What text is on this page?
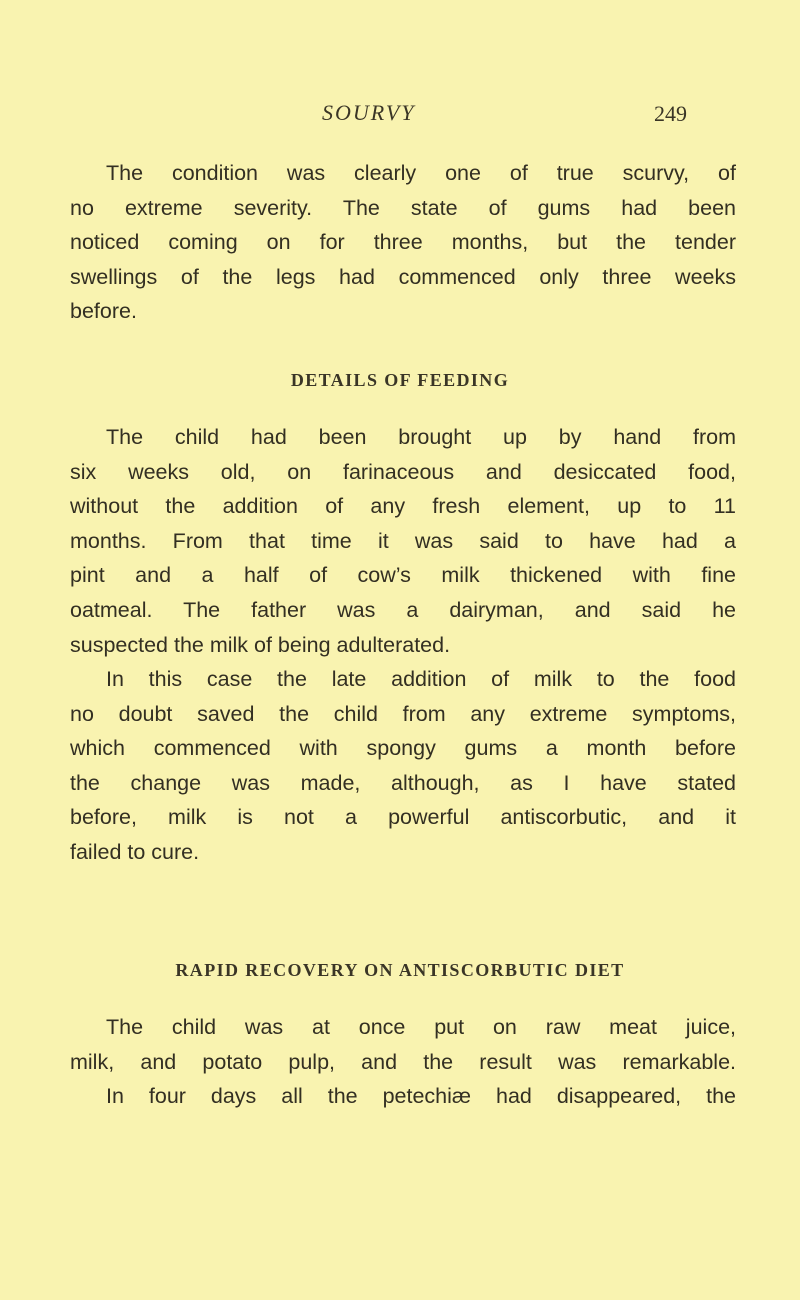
SOURVY	249
The condition was clearly one of true scurvy, of
no extreme severity. The state of gums had been
noticed coming on for three months, but the tender
swellings of the legs had commenced only three weeks
before.
DETAILS OF FEEDING
The child had been brought up by hand from
six weeks old, on farinaceous and desiccated food,
without the addition of any fresh element, up to 11
months. From that time it was said to have had a
pint and a half of cow’s milk thickened with fine
oatmeal. The father was a dairyman, and said he
suspected the milk of being adulterated.
In this case the late addition of milk to the food
no doubt saved the child from any extreme symptoms,
which commenced with spongy gums a month before
the change was made, although, as I have stated
before, milk is not a powerful antiscorbutic, and it
failed to cure.
RAPID RECOVERY ON ANTISCORBUTIC DIET
The child was at once put on raw meat juice,
milk, and potato pulp, and the result was remarkable.
In four days all the petechiæ had disappeared, the
